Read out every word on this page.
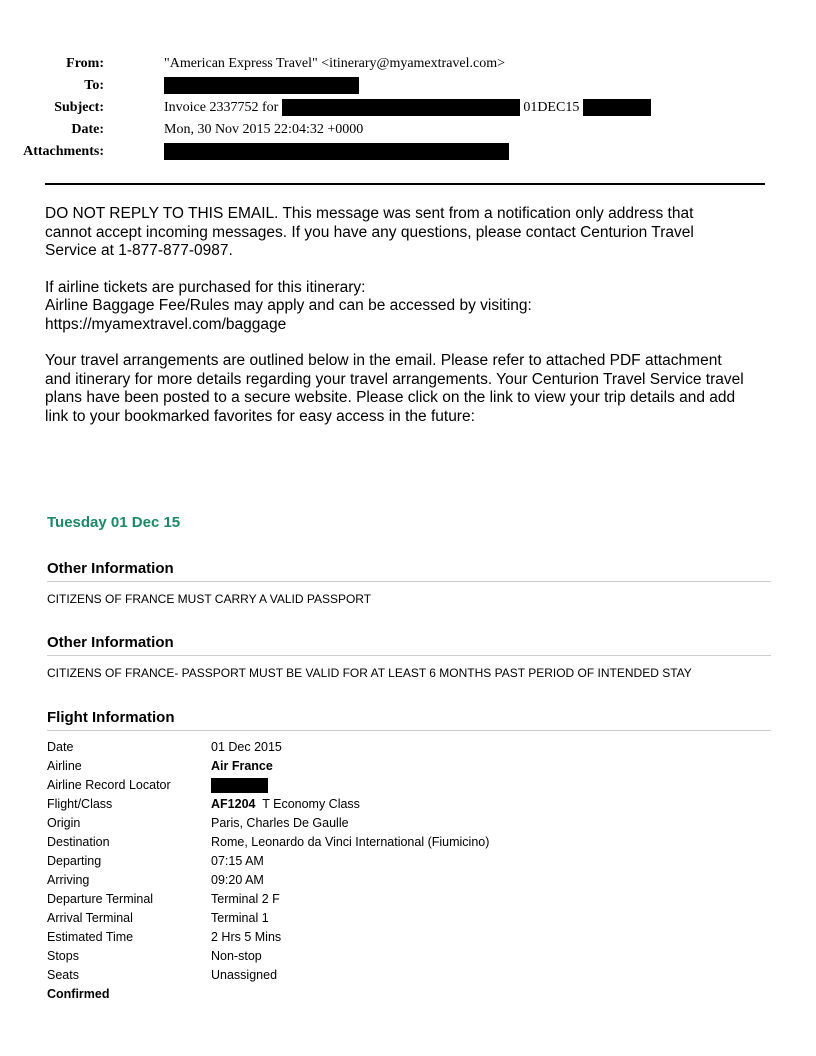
From:	"American Express Travel" <itinerary@myamextravel.com>
To:
Subject:	Invoice 2337752 for	01DEC15
Date:	Mon, 30 Nov 2015 22:04:32 +0000
Attachments:

DO NOT REPLY TO THIS EMAIL. This message was sent from a notification only address that
cannot accept incoming messages. If you have any questions, please contact Centurion Travel
Service at 1-877-877-0987.

If airline tickets are purchased for this itinerary:
Airline Baggage Fee/Rules may apply and can be accessed by visiting:
https://myamextravel.com/baggage

Your travel arrangements are outlined below in the email. Please refer to attached PDF attachment
and itinerary for more details regarding your travel arrangements. Your Centurion Travel Service travel
plans have been posted to a secure website. Please click on the link to view your trip details and add
link to your bookmarked favorites for easy access in the future:

Tuesday 01 Dec 15
Other Information
CITIZENS OF FRANCE MUST CARRY A VALID PASSPORT
Other Information
CITIZENS OF FRANCE- PASSPORT MUST BE VALID FOR AT LEAST 6 MONTHS PAST PERIOD OF INTENDED STAY
Flight Information
Date	01 Dec 2015
Airline	Air France
Airline Record Locator
Flight/Class	AF1204 T Economy Class
Origin	Paris, Charles De Gaulle
Destination	Rome, Leonardo da Vinci International (Fiumicino)
Departing	07:15 AM
Arriving	09:20 AM
Departure Terminal	Terminal 2 F
Arrival Terminal	Terminal 1
Estimated Time	2 Hrs 5 Mins
Stops	Non-stop
Seats	Unassigned
Confirmed
